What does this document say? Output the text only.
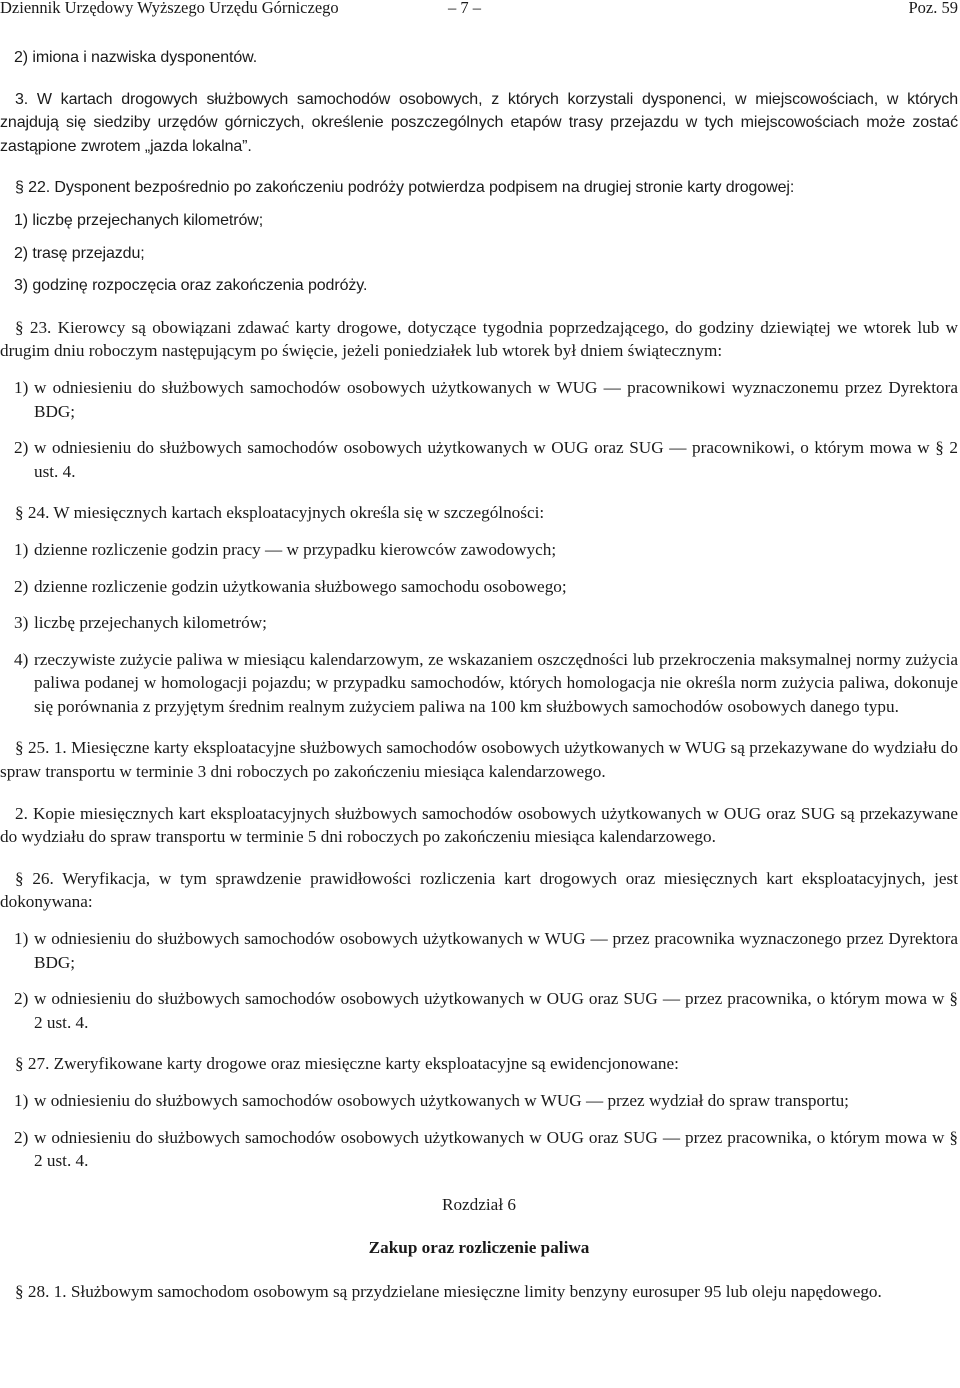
Dziennik Urzędowy Wyższego Urzędu Górniczego	– 7 –	Poz. 59

2) imiona i nazwiska dysponentów.

3. W kartach drogowych służbowych samochodów osobowych, z których korzystali dysponenci, w miejscowościach, w których znajdują się siedziby urzędów górniczych, określenie poszczególnych etapów trasy przejazdu w tych miejscowościach może zostać zastąpione zwrotem „jazda lokalna”.

§ 22. Dysponent bezpośrednio po zakończeniu podróży potwierdza podpisem na drugiej stronie karty drogowej:

1) liczbę przejechanych kilometrów;

2) trasę przejazdu;

3) godzinę rozpoczęcia oraz zakończenia podróży.

§ 23. Kierowcy są obowiązani zdawać karty drogowe, dotyczące tygodnia poprzedzającego, do godziny dziewiątej we wtorek lub w drugim dniu roboczym następującym po święcie, jeżeli poniedziałek lub wtorek był dniem świątecznym:

1) w odniesieniu do służbowych samochodów osobowych użytkowanych w WUG — pracownikowi wyznaczonemu przez Dyrektora BDG;
2) w odniesieniu do służbowych samochodów osobowych użytkowanych w OUG oraz SUG — pracownikowi, o którym mowa w § 2 ust. 4.

§ 24. W miesięcznych kartach eksploatacyjnych określa się w szczególności:

1) dzienne rozliczenie godzin pracy — w przypadku kierowców zawodowych;
2) dzienne rozliczenie godzin użytkowania służbowego samochodu osobowego;
3) liczbę przejechanych kilometrów;
4) rzeczywiste zużycie paliwa w miesiącu kalendarzowym, ze wskazaniem oszczędności lub przekroczenia maksymalnej normy zużycia paliwa podanej w homologacji pojazdu; w przypadku samochodów, których homologacja nie określa norm zużycia paliwa, dokonuje się porównania z przyjętym średnim realnym zużyciem paliwa na 100 km służbowych samochodów osobowych danego typu.

§ 25. 1. Miesięczne karty eksploatacyjne służbowych samochodów osobowych użytkowanych w WUG są przekazywane do wydziału do spraw transportu w terminie 3 dni roboczych po zakończeniu miesiąca kalendarzowego.

2. Kopie miesięcznych kart eksploatacyjnych służbowych samochodów osobowych użytkowanych w OUG oraz SUG są przekazywane do wydziału do spraw transportu w terminie 5 dni roboczych po zakończeniu miesiąca kalendarzowego.

§ 26. Weryfikacja, w tym sprawdzenie prawidłowości rozliczenia kart drogowych oraz miesięcznych kart eksploatacyjnych, jest dokonywana:

1) w odniesieniu do służbowych samochodów osobowych użytkowanych w WUG — przez pracownika wyznaczonego przez Dyrektora BDG;
2) w odniesieniu do służbowych samochodów osobowych użytkowanych w OUG oraz SUG — przez pracownika, o którym mowa w § 2 ust. 4.

§ 27. Zweryfikowane karty drogowe oraz miesięczne karty eksploatacyjne są ewidencjonowane:

1) w odniesieniu do służbowych samochodów osobowych użytkowanych w WUG — przez wydział do spraw transportu;
2) w odniesieniu do służbowych samochodów osobowych użytkowanych w OUG oraz SUG — przez pracownika, o którym mowa w § 2 ust. 4.

Rozdział 6

Zakup oraz rozliczenie paliwa

§ 28. 1. Służbowym samochodom osobowym są przydzielane miesięczne limity benzyny eurosuper 95 lub oleju napędowego.
